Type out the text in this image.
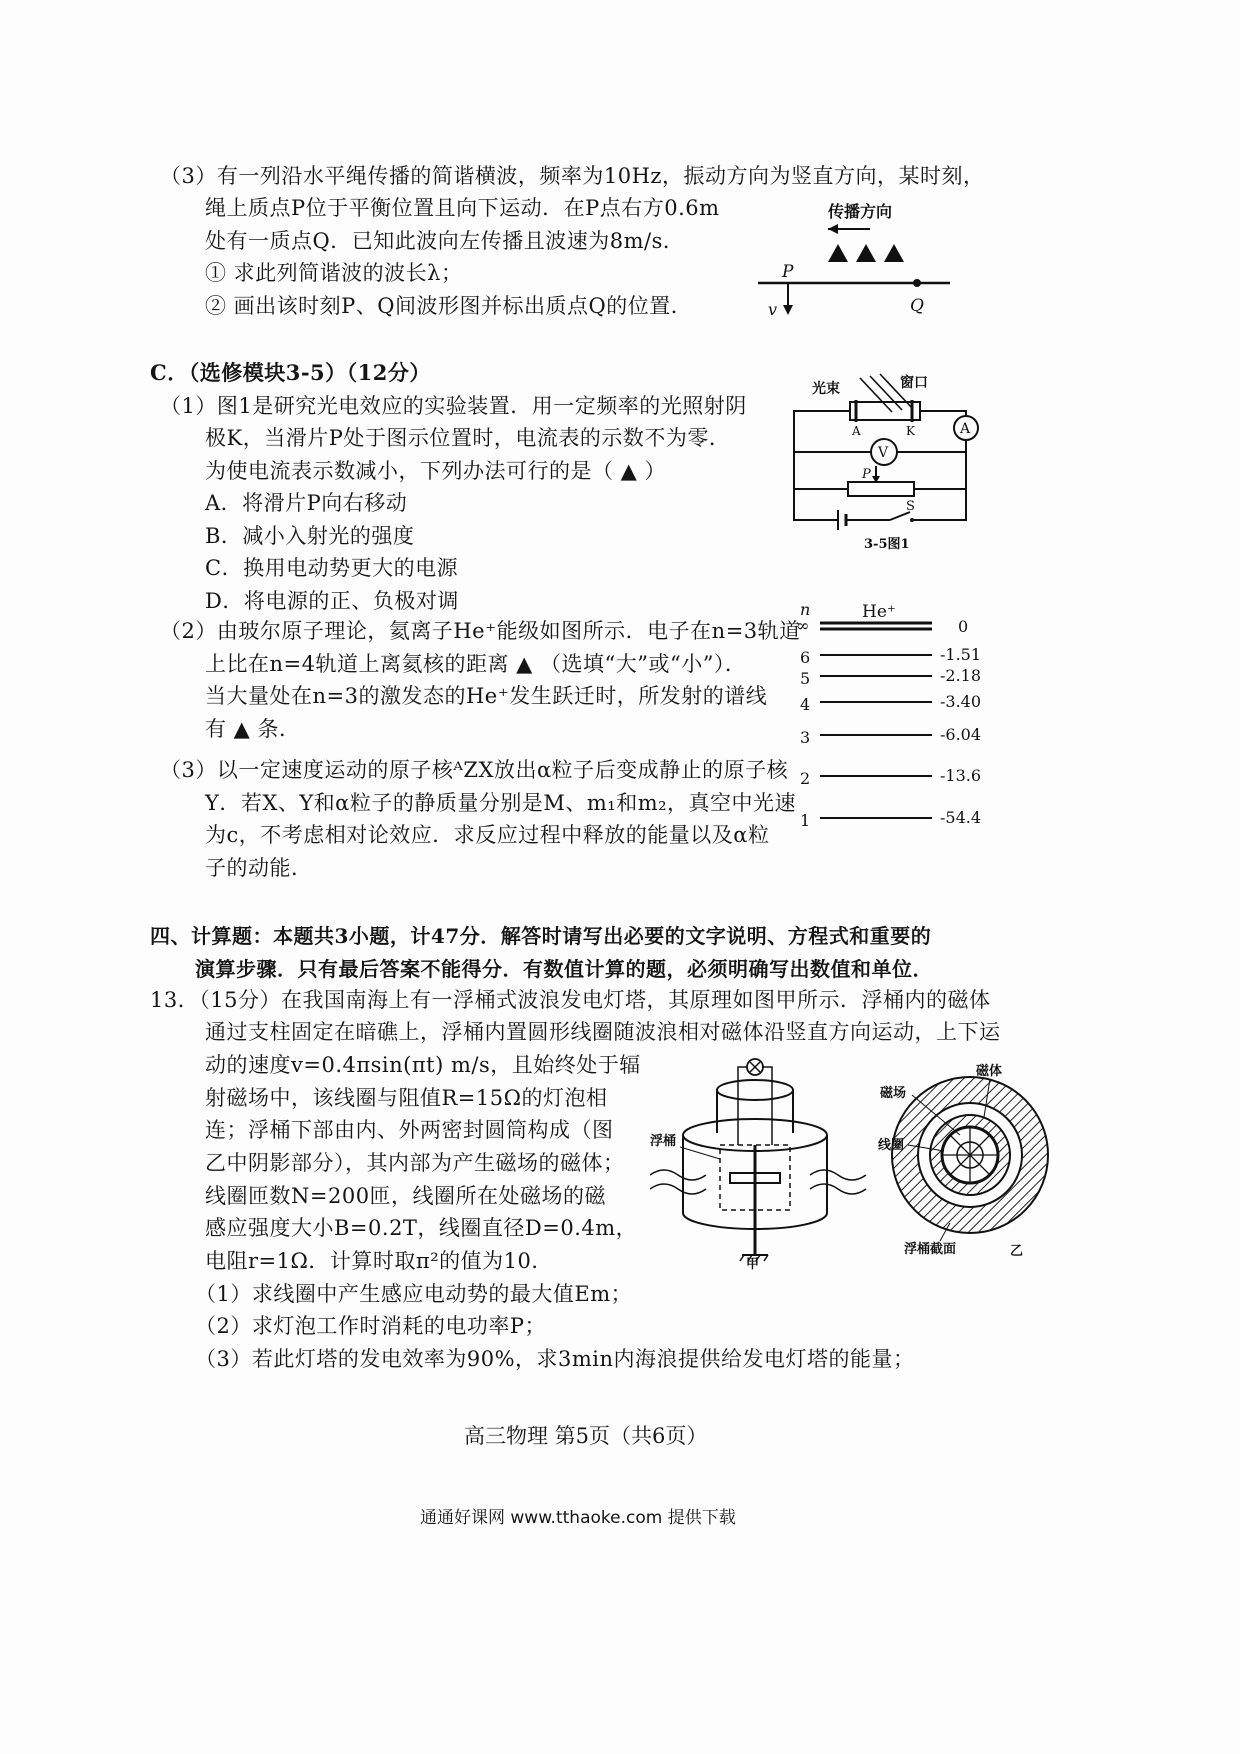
（3）有一列沿水平绳传播的简谐横波，频率为10Hz，振动方向为竖直方向，某时刻，
绳上质点P位于平衡位置且向下运动．在P点右方0.6m
处有一质点Q．已知此波向左传播且波速为8m/s．
① 求此列简谐波的波长λ；
② 画出该时刻P、Q间波形图并标出质点Q的位置．
传播方向
P
v	Q
C．（选修模块3-5）（12分）
（1）图1是研究光电效应的实验装置．用一定频率的光照射阴
极K，当滑片P处于图示位置时，电流表的示数不为零．
为使电流表示数减小，下列办法可行的是（ ▲ ）
A．将滑片P向右移动
B．减小入射光的强度
C．换用电动势更大的电源
D．将电源的正、负极对调
光束	窗口
A	K	A
V
P
S
3-5图1
（2）由玻尔原子理论，氦离子He⁺能级如图所示．电子在n=3轨道
上比在n=4轨道上离氦核的距离 ▲ （选填“大”或“小”）．
当大量处在n=3的激发态的He⁺发生跃迁时，所发射的谱线
有 ▲ 条．
n	He⁺
∞	0
6	-1.51
5	-2.18
4	-3.40
3	-6.04
2	-13.6
1	-54.4
（3）以一定速度运动的原子核ᴬZX放出α粒子后变成静止的原子核
Y．若X、Y和α粒子的静质量分别是M、m₁和m₂，真空中光速
为c，不考虑相对论效应．求反应过程中释放的能量以及α粒
子的动能．
四、计算题：本题共3小题，计47分．解答时请写出必要的文字说明、方程式和重要的
演算步骤．只有最后答案不能得分．有数值计算的题，必须明确写出数值和单位．
13．（15分）在我国南海上有一浮桶式波浪发电灯塔，其原理如图甲所示．浮桶内的磁体
通过支柱固定在暗礁上，浮桶内置圆形线圈随波浪相对磁体沿竖直方向运动，上下运
动的速度v=0.4πsin(πt) m/s，且始终处于辐
射磁场中，该线圈与阻值R=15Ω的灯泡相
连；浮桶下部由内、外两密封圆筒构成（图
乙中阴影部分），其内部为产生磁场的磁体；
线圈匝数N=200匝，线圈所在处磁场的磁
感应强度大小B=0.2T，线圈直径D=0.4m，
电阻r=1Ω．计算时取π²的值为10．
（1）求线圈中产生感应电动势的最大值Em；
（2）求灯泡工作时消耗的电功率P；
（3）若此灯塔的发电效率为90%，求3min内海浪提供给发电灯塔的能量；
浮桶
甲
磁场
线圈
磁体
浮桶截面	乙
高三物理 第5页（共6页）
通通好课网 www.tthaoke.com 提供下载
